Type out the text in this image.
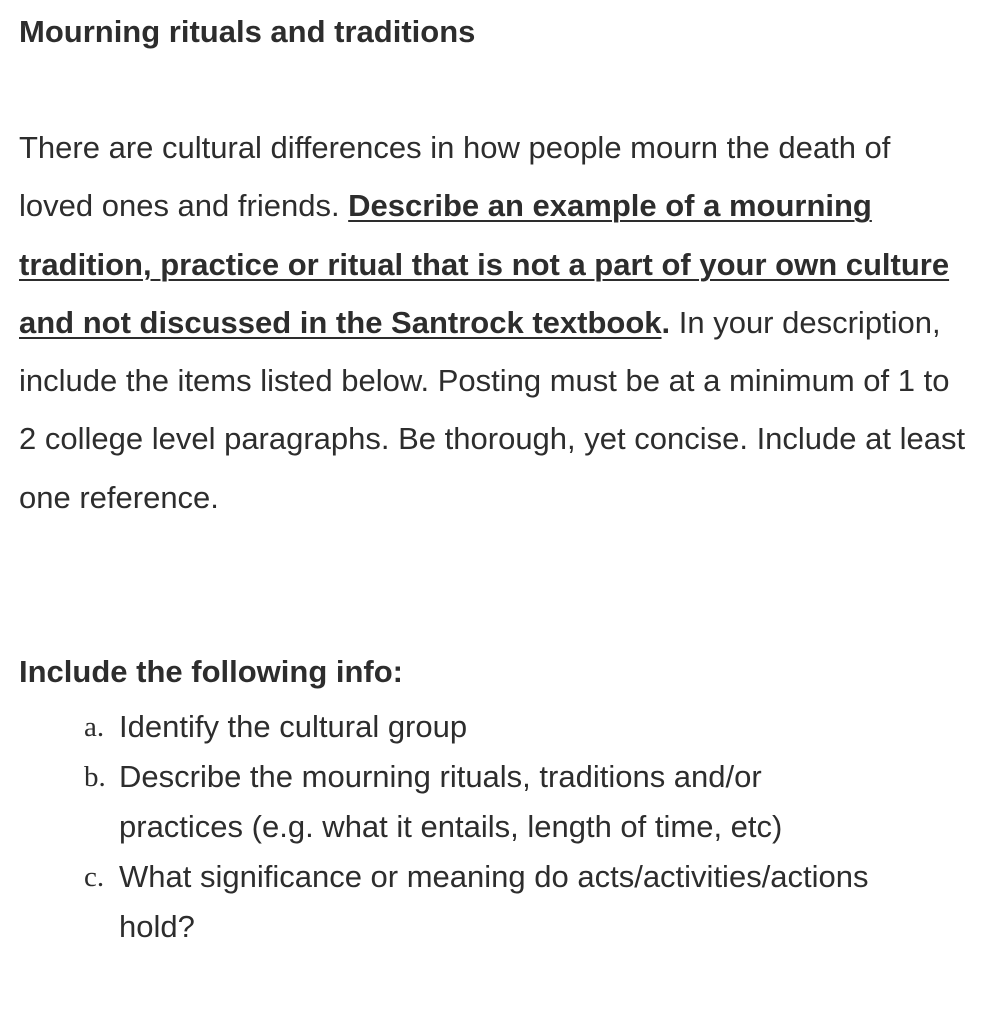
Mourning rituals and traditions

There are cultural differences in how people mourn the death of loved ones and friends. Describe an example of a mourning tradition, practice or ritual that is not a part of your own culture and not discussed in the Santrock textbook. In your description, include the items listed below. Posting must be at a minimum of 1 to 2 college level paragraphs. Be thorough, yet concise. Include at least one reference.

Include the following info:
a. Identify the cultural group
b. Describe the mourning rituals, traditions and/or practices (e.g. what it entails, length of time, etc)
c. What significance or meaning do acts/activities/actions hold?
